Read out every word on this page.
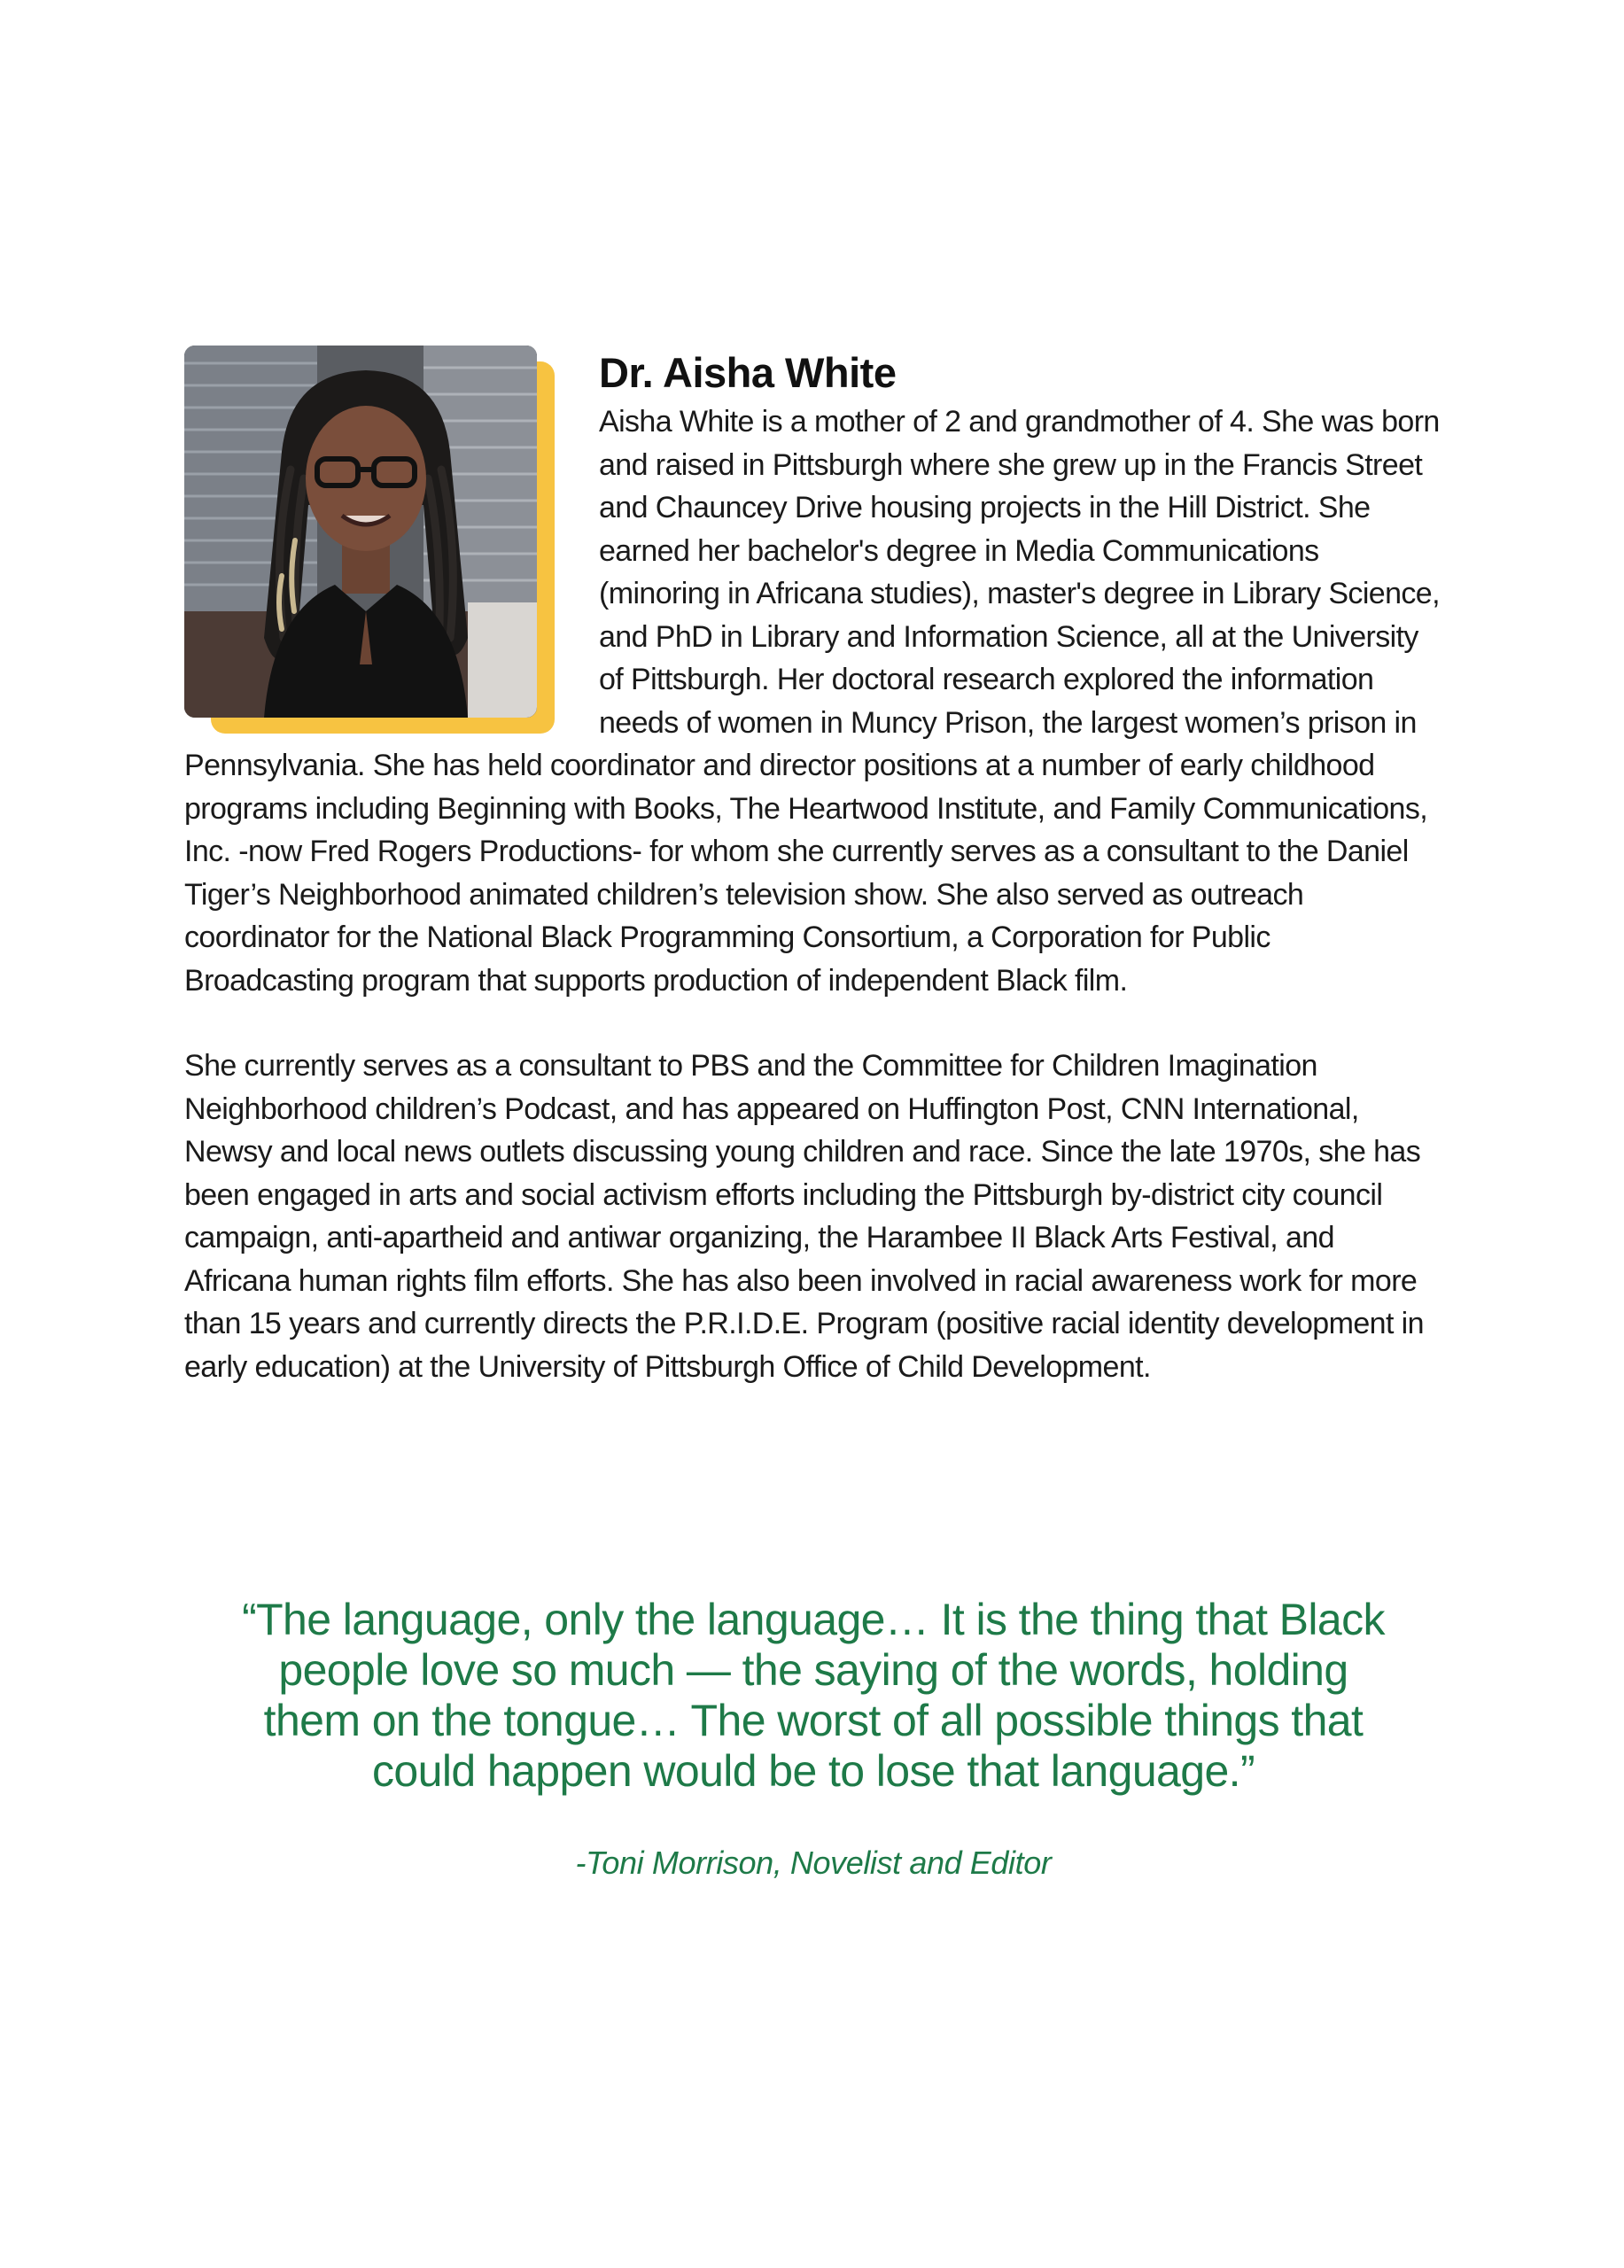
Dr. Aisha White

Aisha White is a mother of 2 and grandmother of 4. She was born and raised in Pittsburgh where she grew up in the Francis Street and Chauncey Drive housing projects in the Hill District. She earned her bachelor's degree in Media Communications (minoring in Africana studies), master's degree in Library Science, and PhD in Library and Information Science, all at the University of Pittsburgh. Her doctoral research explored the information needs of women in Muncy Prison, the largest women’s prison in Pennsylvania. She has held coordinator and director positions at a number of early childhood programs including Beginning with Books, The Heartwood Institute, and Family Communications, Inc. -now Fred Rogers Productions- for whom she currently serves as a consultant to the Daniel Tiger’s Neighborhood animated children’s television show. She also served as outreach coordinator for the National Black Programming Consortium, a Corporation for Public Broadcasting program that supports production of independent Black film.

She currently serves as a consultant to PBS and the Committee for Children Imagination Neighborhood children’s Podcast, and has appeared on Huffington Post, CNN International, Newsy and local news outlets discussing young children and race. Since the late 1970s, she has been engaged in arts and social activism efforts including the Pittsburgh by-district city council campaign, anti-apartheid and antiwar organizing, the Harambee II Black Arts Festival, and Africana human rights film efforts. She has also been involved in racial awareness work for more than 15 years and currently directs the P.R.I.D.E. Program (positive racial identity development in early education) at the University of Pittsburgh Office of Child Development.

“The language, only the language… It is the thing that Black people love so much — the saying of the words, holding them on the tongue… The worst of all possible things that could happen would be to lose that language.”

-Toni Morrison, Novelist and Editor
